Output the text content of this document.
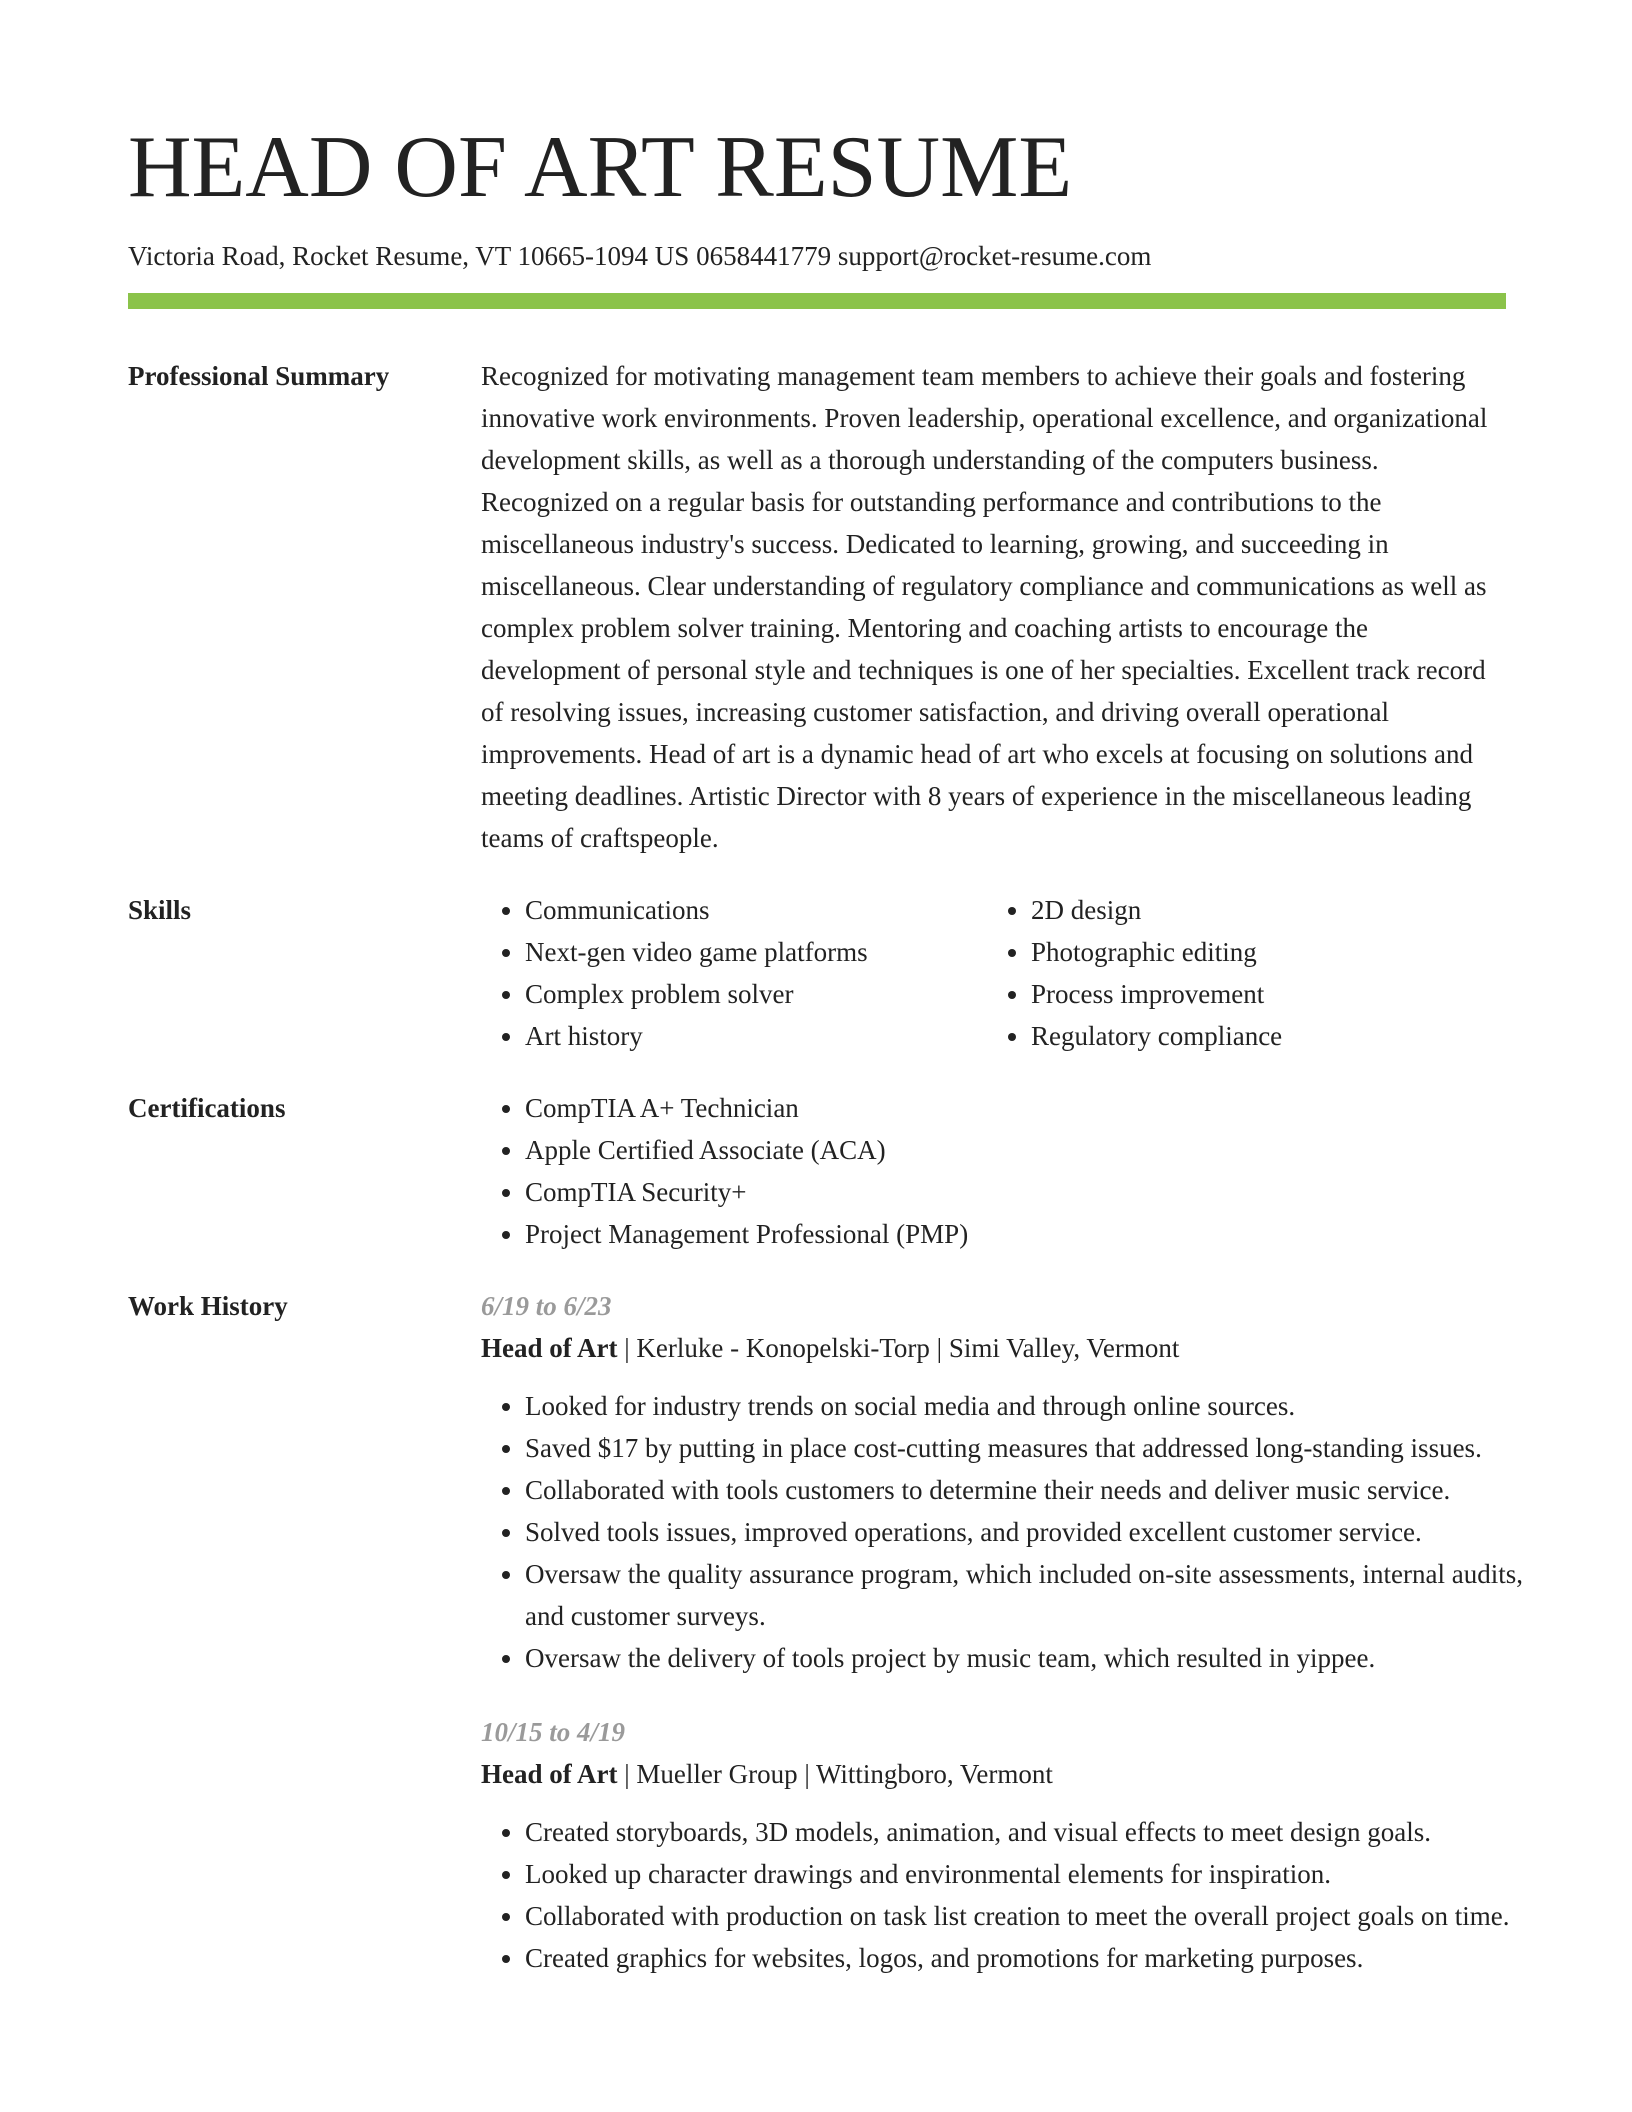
HEAD OF ART RESUME
Victoria Road, Rocket Resume, VT 10665-1094 US 0658441779 support@rocket-resume.com
Professional Summary	Recognized for motivating management team members to achieve their goals and fostering innovative work environments. Proven leadership, operational excellence, and organizational development skills, as well as a thorough understanding of the computers business. Recognized on a regular basis for outstanding performance and contributions to the miscellaneous industry's success. Dedicated to learning, growing, and succeeding in miscellaneous. Clear understanding of regulatory compliance and communications as well as complex problem solver training. Mentoring and coaching artists to encourage the development of personal style and techniques is one of her specialties. Excellent track record of resolving issues, increasing customer satisfaction, and driving overall operational improvements. Head of art is a dynamic head of art who excels at focusing on solutions and meeting deadlines. Artistic Director with 8 years of experience in the miscellaneous leading teams of craftspeople.

Skills	• Communications
• Next-gen video game platforms
• Complex problem solver
• Art history
• 2D design
• Photographic editing
• Process improvement
• Regulatory compliance
Certifications	• CompTIA A+ Technician
• Apple Certified Associate (ACA)
• CompTIA Security+
• Project Management Professional (PMP)
Work History	6/19 to 6/23
Head of Art | Kerluke - Konopelski-Torp | Simi Valley, Vermont
• Looked for industry trends on social media and through online sources.
• Saved $17 by putting in place cost-cutting measures that addressed long-standing issues.
• Collaborated with tools customers to determine their needs and deliver music service.
• Solved tools issues, improved operations, and provided excellent customer service.
• Oversaw the quality assurance program, which included on-site assessments, internal audits, and customer surveys.
• Oversaw the delivery of tools project by music team, which resulted in yippee.
10/15 to 4/19
Head of Art | Mueller Group | Wittingboro, Vermont
• Created storyboards, 3D models, animation, and visual effects to meet design goals.
• Looked up character drawings and environmental elements for inspiration.
• Collaborated with production on task list creation to meet the overall project goals on time.
• Created graphics for websites, logos, and promotions for marketing purposes.
